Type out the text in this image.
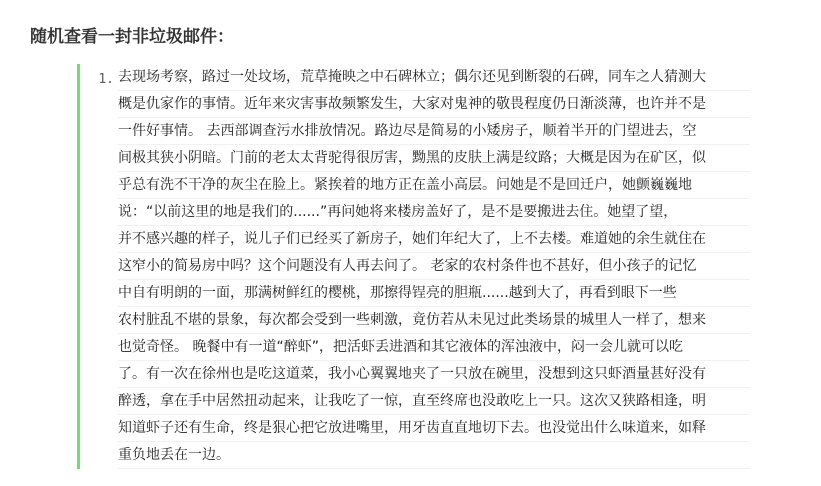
随机查看一封非垃圾邮件：
1. 去现场考察，路过一处坟场，荒草掩映之中石碑林立；偶尔还见到断裂的石碑，同车之人猜测大
概是仇家作的事情。近年来灾害事故频繁发生，大家对鬼神的敬畏程度仍日渐淡薄，也许并不是
一件好事情。 去西部调查污水排放情况。路边尽是简易的小矮房子，顺着半开的门望进去，空
间极其狭小阴暗。门前的老太太背驼得很厉害，黝黑的皮肤上满是纹路；大概是因为在矿区，似
乎总有洗不干净的灰尘在脸上。紧挨着的地方正在盖小高层。问她是不是回迁户，她颤巍巍地
说：“以前这里的地是我们的......”再问她将来楼房盖好了，是不是要搬进去住。她望了望，
并不感兴趣的样子，说儿子们已经买了新房子，她们年纪大了，上不去楼。难道她的余生就住在
这窄小的简易房中吗？这个问题没有人再去问了。 老家的农村条件也不甚好，但小孩子的记忆
中自有明朗的一面，那满树鲜红的樱桃，那擦得锃亮的胆瓶......越到大了，再看到眼下一些
农村脏乱不堪的景象，每次都会受到一些刺激，竟仿若从未见过此类场景的城里人一样了，想来
也觉奇怪。 晚餐中有一道“醉虾”，把活虾丢进酒和其它液体的浑浊液中，闷一会儿就可以吃
了。有一次在徐州也是吃这道菜，我小心翼翼地夹了一只放在碗里，没想到这只虾酒量甚好没有
醉透，拿在手中居然扭动起来，让我吃了一惊，直至终席也没敢吃上一只。这次又狭路相逢，明
知道虾子还有生命，终是狠心把它放进嘴里，用牙齿直直地切下去。也没觉出什么味道来，如释
重负地丢在一边。
